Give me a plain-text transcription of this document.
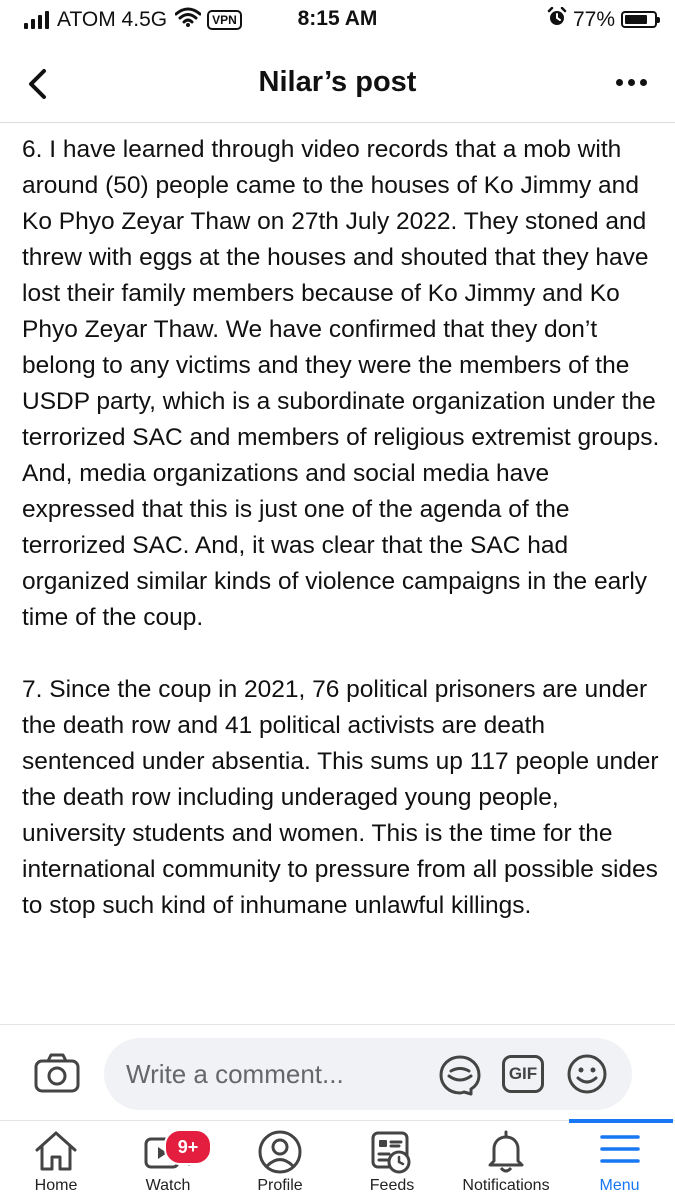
ATOM 4.5G	VPN	8:15 AM	77%
Nilar’s post

6. I have learned through video records that a mob with around (50) people came to the houses of Ko Jimmy and Ko Phyo Zeyar Thaw on 27th July 2022. They stoned and threw with eggs at the houses and shouted that they have lost their family members because of Ko Jimmy and Ko Phyo Zeyar Thaw. We have confirmed that they don’t belong to any victims and they were the members of the USDP party, which is a subordinate organization under the terrorized SAC and members of religious extremist groups. And, media organizations and social media have expressed that this is just one of the agenda of the terrorized SAC. And, it was clear that the SAC had organized similar kinds of violence campaigns in the early time of the coup.

7. Since the coup in 2021, 76 political prisoners are under the death row and 41 political activists are death sentenced under absentia. This sums up 117 people under the death row including underaged young people, university students and women. This is the time for the international community to pressure from all possible sides to stop such kind of inhumane unlawful killings.

Write a comment...
GIF
Home	Watch
9+
Profile	Feeds	Notifications	Menu
